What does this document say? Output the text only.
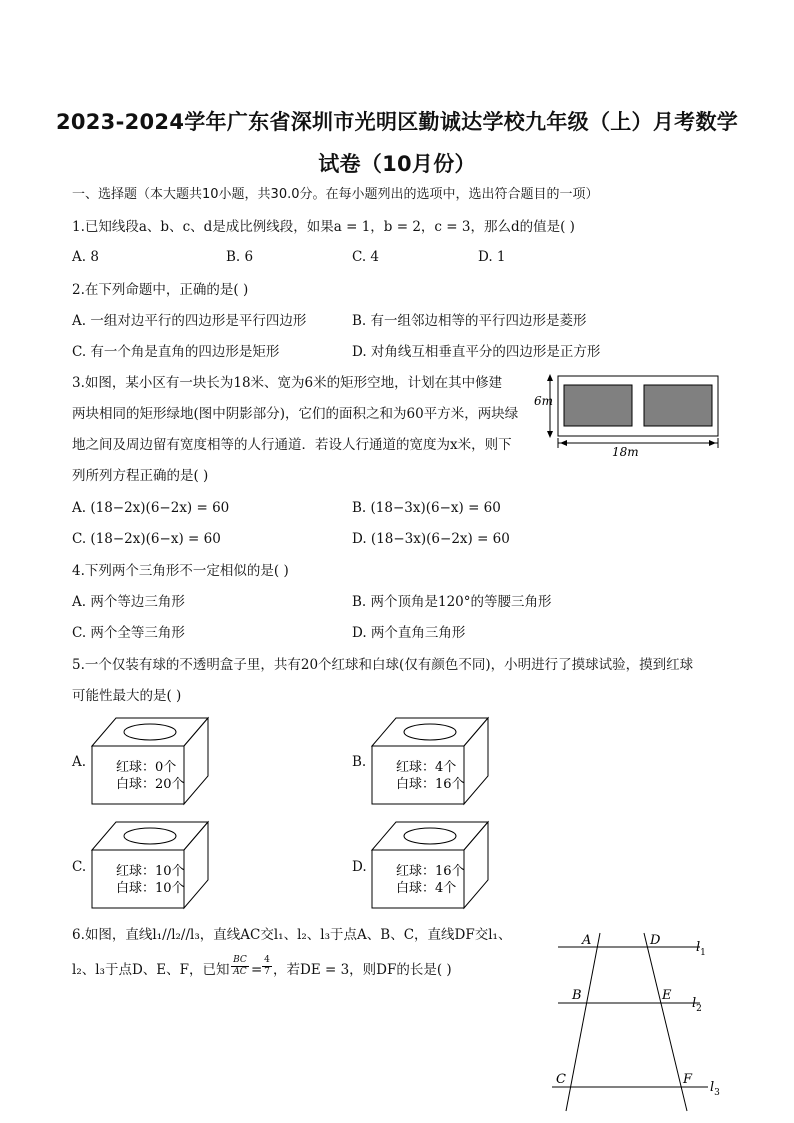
2023-2024学年广东省深圳市光明区勤诚达学校九年级（上）月考数学
试卷（10月份）
一、选择题（本大题共10小题，共30.0分。在每小题列出的选项中，选出符合题目的一项）
1.已知线段a、b、c、d是成比例线段，如果a = 1，b = 2，c = 3，那么d的值是( )
A. 8	B. 6	C. 4	D. 1
2.在下列命题中，正确的是( )
A. 一组对边平行的四边形是平行四边形	B. 有一组邻边相等的平行四边形是菱形
C. 有一个角是直角的四边形是矩形	D. 对角线互相垂直平分的四边形是正方形
3.如图，某小区有一块长为18米、宽为6米的矩形空地，计划在其中修建
两块相同的矩形绿地(图中阴影部分)，它们的面积之和为60平方米，两块绿
地之间及周边留有宽度相等的人行通道．若设人行通道的宽度为x米，则下
列所列方程正确的是( )
6m
18m
A. (18−2x)(6−2x) = 60	B. (18−3x)(6−x) = 60
C. (18−2x)(6−x) = 60	D. (18−3x)(6−2x) = 60
4.下列两个三角形不一定相似的是( )
A. 两个等边三角形	B. 两个顶角是120°的等腰三角形
C. 两个全等三角形	D. 两个直角三角形
5.一个仅装有球的不透明盒子里，共有20个红球和白球(仅有颜色不同)，小明进行了摸球试验，摸到红球
可能性最大的是( )
A. 红球：0个
白球：20个
B. 红球：4个
白球：16个
C. 红球：10个
白球：10个
D. 红球：16个
白球：4个
6.如图，直线l₁//l₂//l₃，直线AC交l₁、l₂、l₃于点A、B、C，直线DF交l₁、
l₂、l₃于点D、E、F，已知 $\frac{BC}{AC} = \frac{4}{7}$ ，若DE = 3，则DF的长是( )
A	D
B	E
C	F
$l_1$
$l_2$
$l_3$
